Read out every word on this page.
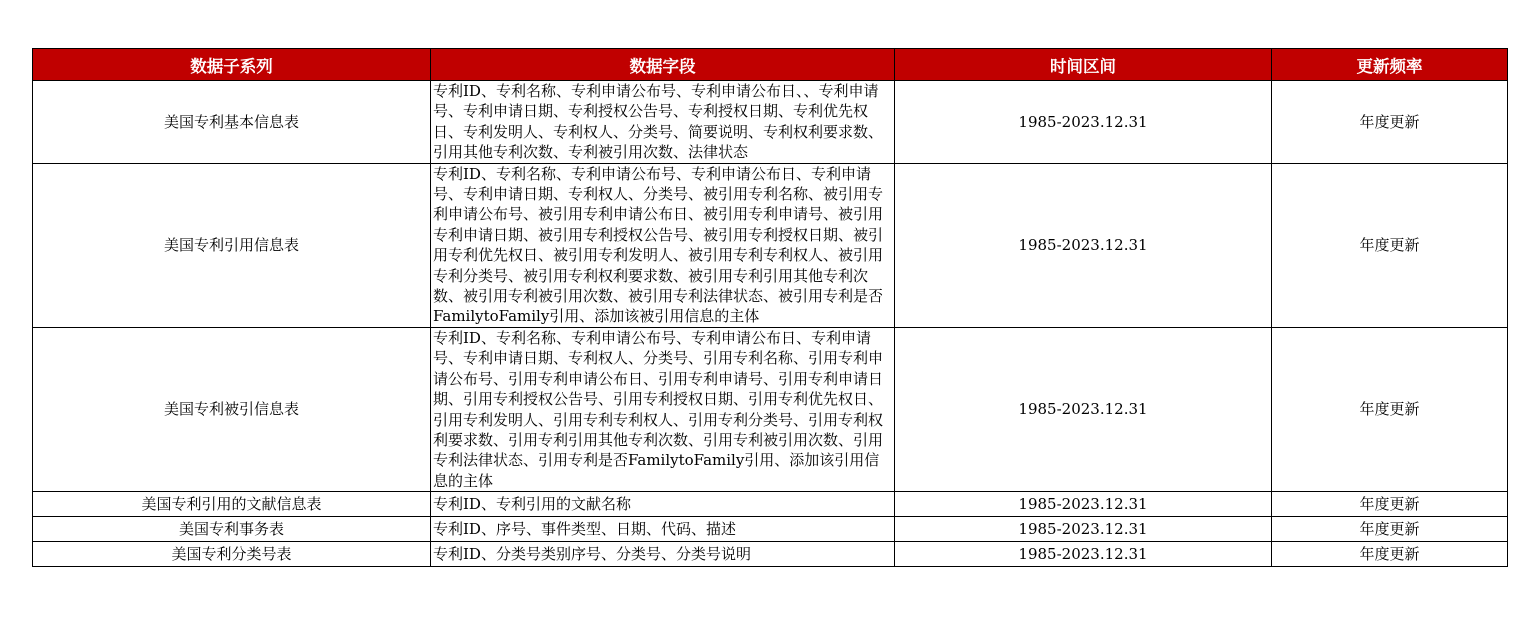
数据子系列	数据字段	时间区间	更新频率
美国专利基本信息表	专利ID、专利名称、专利申请公布号、专利申请公布日、、专利申请号、专利申请日期、专利授权公告号、专利授权日期、专利优先权日、专利发明人、专利权人、分类号、简要说明、专利权利要求数、引用其他专利次数、专利被引用次数、法律状态	1985-2023.12.31	年度更新
美国专利引用信息表	专利ID、专利名称、专利申请公布号、专利申请公布日、专利申请号、专利申请日期、专利权人、分类号、被引用专利名称、被引用专利申请公布号、被引用专利申请公布日、被引用专利申请号、被引用专利申请日期、被引用专利授权公告号、被引用专利授权日期、被引用专利优先权日、被引用专利发明人、被引用专利专利权人、被引用专利分类号、被引用专利权利要求数、被引用专利引用其他专利次数、被引用专利被引用次数、被引用专利法律状态、被引用专利是否FamilytoFamily引用、添加该被引用信息的主体	1985-2023.12.31	年度更新
美国专利被引信息表	专利ID、专利名称、专利申请公布号、专利申请公布日、专利申请号、专利申请日期、专利权人、分类号、引用专利名称、引用专利申请公布号、引用专利申请公布日、引用专利申请号、引用专利申请日期、引用专利授权公告号、引用专利授权日期、引用专利优先权日、引用专利发明人、引用专利专利权人、引用专利分类号、引用专利权利要求数、引用专利引用其他专利次数、引用专利被引用次数、引用专利法律状态、引用专利是否FamilytoFamily引用、添加该引用信息的主体	1985-2023.12.31	年度更新
美国专利引用的文献信息表	专利ID、专利引用的文献名称	1985-2023.12.31	年度更新
美国专利事务表	专利ID、序号、事件类型、日期、代码、描述	1985-2023.12.31	年度更新
美国专利分类号表	专利ID、分类号类别序号、分类号、分类号说明	1985-2023.12.31	年度更新
